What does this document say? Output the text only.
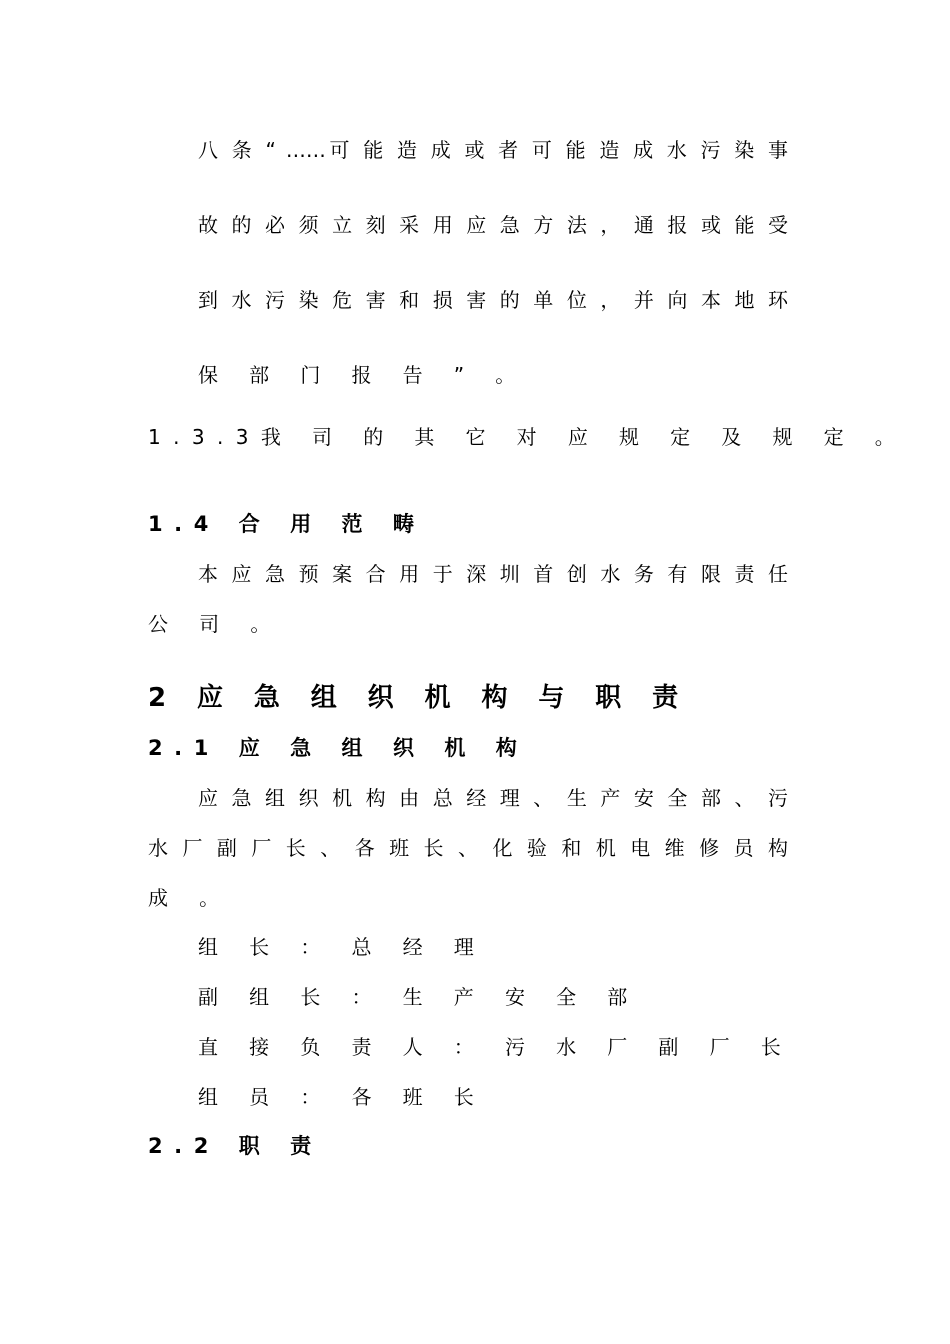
八 条 “ ……可 能 造 成 或 者 可 能 造 成 水 污 染 事
故 的 必 须 立 刻 采 用 应 急 方 法 ， 通 报 或 能 受
到 水 污 染 危 害 和 损 害 的 单 位 ， 并 向 本 地 环
保 部 门 报 告 ” 。
1.3.3我 司 的 其 它 对 应 规 定 及 规 定 。
1.4 合 用 范 畴
本 应 急 预 案 合 用 于 深 圳 首 创 水 务 有 限 责 任
公 司 。
2 应 急 组 织 机 构 与 职 责
2.1 应 急 组 织 机 构
应 急 组 织 机 构 由 总 经 理 、 生 产 安 全 部 、 污
水 厂 副 厂 长 、 各 班 长 、 化 验 和 机 电 维 修 员 构
成 。
组 长 ： 总 经 理
副 组 长 ： 生 产 安 全 部
直 接 负 责 人 ： 污 水 厂 副 厂 长
组 员 ： 各 班 长
2.2 职 责
